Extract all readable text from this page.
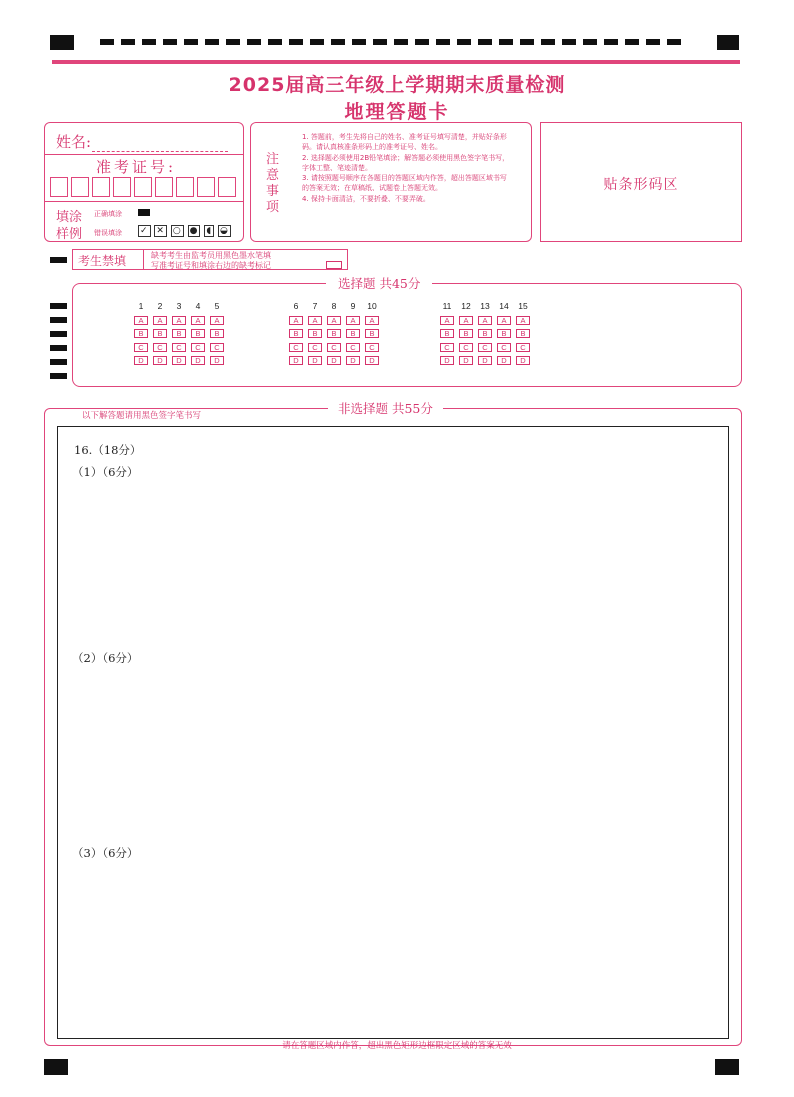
2025届高三年级上学期期末质量检测
地理答题卡
姓名:
准考证号:
填涂
样例
正确填涂
错误填涂 ✓ ✕ ○ ● ◖ ◒
注意事项
1. 答题前，考生先将自己的姓名、准考证号填写清楚，并贴好条形码。请认真核准条形码上的准考证号、姓名。
2. 选择题必须使用2B铅笔填涂；解答题必须使用黑色签字笔书写，字体工整、笔迹清楚。
3. 请按照题号顺序在各题目的答题区域内作答，超出答题区域书写的答案无效；在草稿纸、试题卷上答题无效。
4. 保持卡面清洁，不要折叠、不要弄破。
贴条形码区
考生禁填	缺考考生由监考员用黑色墨水笔填
写准考证号和填涂右边的缺考标记
选择题 共45分
1
A
B
C
D
2
A
B
C
D
3
A
B
C
D
4
A
B
C
D
5
A
B
C
D
6
A
B
C
D
7
A
B
C
D
8
A
B
C
D
9
A
B
C
D
10
A
B
C
D
11
A
B
C
D
12
A
B
C
D
13
A
B
C
D
14
A
B
C
D
15
A
B
C
D
非选择题 共55分
以下解答题请用黑色签字笔书写
16.（18分）
（1）（6分）
（2）（6分）
（3）（6分）
请在答题区域内作答，超出黑色矩形边框限定区域的答案无效
